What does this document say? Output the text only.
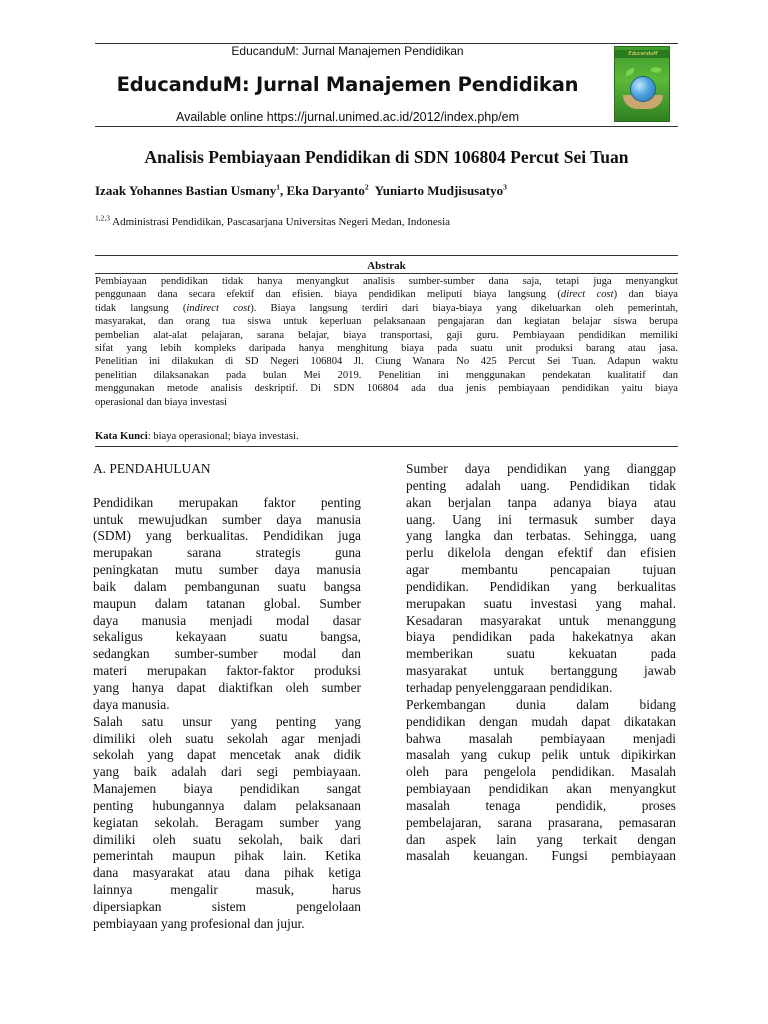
EducanduM: Jurnal Manajemen Pendidikan
EducanduM: Jurnal Manajemen Pendidikan
Available online https://jurnal.unimed.ac.id/2012/index.php/em
EducanduM
Analisis Pembiayaan Pendidikan di SDN 106804 Percut Sei Tuan
Izaak Yohannes Bastian Usmany$^1$, Eka Daryanto$^2$ Yuniarto Mudjisusatyo$^3$
$^{1,2,3}$ Administrasi Pendidikan, Pascasarjana Universitas Negeri Medan, Indonesia
Abstrak
Pembiayaan pendidikan tidak hanya menyangkut analisis sumber-sumber dana saja, tetapi juga menyangkut
penggunaan dana secara efektif dan efisien. biaya pendidikan meliputi biaya langsung (direct cost) dan biaya
tidak langsung (indirect cost). Biaya langsung terdiri dari biaya-biaya yang dikeluarkan oleh pemerintah,
masyarakat, dan orang tua siswa untuk keperluan pelaksanaan pengajaran dan kegiatan belajar siswa berupa
pembelian alat-alat pelajaran, sarana belajar, biaya transportasi, gaji guru. Pembiayaan pendidikan memiliki
sifat yang lebih kompleks daripada hanya menghitung biaya pada suatu unit produksi barang atau jasa.
Penelitian ini dilakukan di SD Negeri 106804 Jl. Ciung Wanara No 425 Percut Sei Tuan. Adapun waktu
penelitian dilaksanakan pada bulan Mei 2019. Penelitian ini menggunakan pendekatan kualitatif dan
menggunakan metode analisis deskriptif. Di SDN 106804 ada dua jenis pembiayaan pendidikan yaitu biaya
operasional dan biaya investasi
Kata Kunci: biaya operasional; biaya investasi.
A. PENDAHULUAN
Pendidikan merupakan faktor penting
untuk mewujudkan sumber daya manusia
(SDM) yang berkualitas. Pendidikan juga
merupakan sarana strategis guna
peningkatan mutu sumber daya manusia
baik dalam pembangunan suatu bangsa
maupun dalam tatanan global. Sumber
daya manusia menjadi modal dasar
sekaligus kekayaan suatu bangsa,
sedangkan sumber-sumber modal dan
materi merupakan faktor-faktor produksi
yang hanya dapat diaktifkan oleh sumber
daya manusia.
Salah satu unsur yang penting yang
dimiliki oleh suatu sekolah agar menjadi
sekolah yang dapat mencetak anak didik
yang baik adalah dari segi pembiayaan.
Manajemen biaya pendidikan sangat
penting hubungannya dalam pelaksanaan
kegiatan sekolah. Beragam sumber yang
dimiliki oleh suatu sekolah, baik dari
pemerintah maupun pihak lain. Ketika
dana masyarakat atau dana pihak ketiga
lainnya mengalir masuk, harus
dipersiapkan sistem pengelolaan
pembiayaan yang profesional dan jujur.
Sumber daya pendidikan yang dianggap
penting adalah uang. Pendidikan tidak
akan berjalan tanpa adanya biaya atau
uang. Uang ini termasuk sumber daya
yang langka dan terbatas. Sehingga, uang
perlu dikelola dengan efektif dan efisien
agar membantu pencapaian tujuan
pendidikan. Pendidikan yang berkualitas
merupakan suatu investasi yang mahal.
Kesadaran masyarakat untuk menanggung
biaya pendidikan pada hakekatnya akan
memberikan suatu kekuatan pada
masyarakat untuk bertanggung jawab
terhadap penyelenggaraan pendidikan.
Perkembangan dunia dalam bidang
pendidikan dengan mudah dapat dikatakan
bahwa masalah pembiayaan menjadi
masalah yang cukup pelik untuk dipikirkan
oleh para pengelola pendidikan. Masalah
pembiayaan pendidikan akan menyangkut
masalah tenaga pendidik, proses
pembelajaran, sarana prasarana, pemasaran
dan aspek lain yang terkait dengan
masalah keuangan. Fungsi pembiayaan
